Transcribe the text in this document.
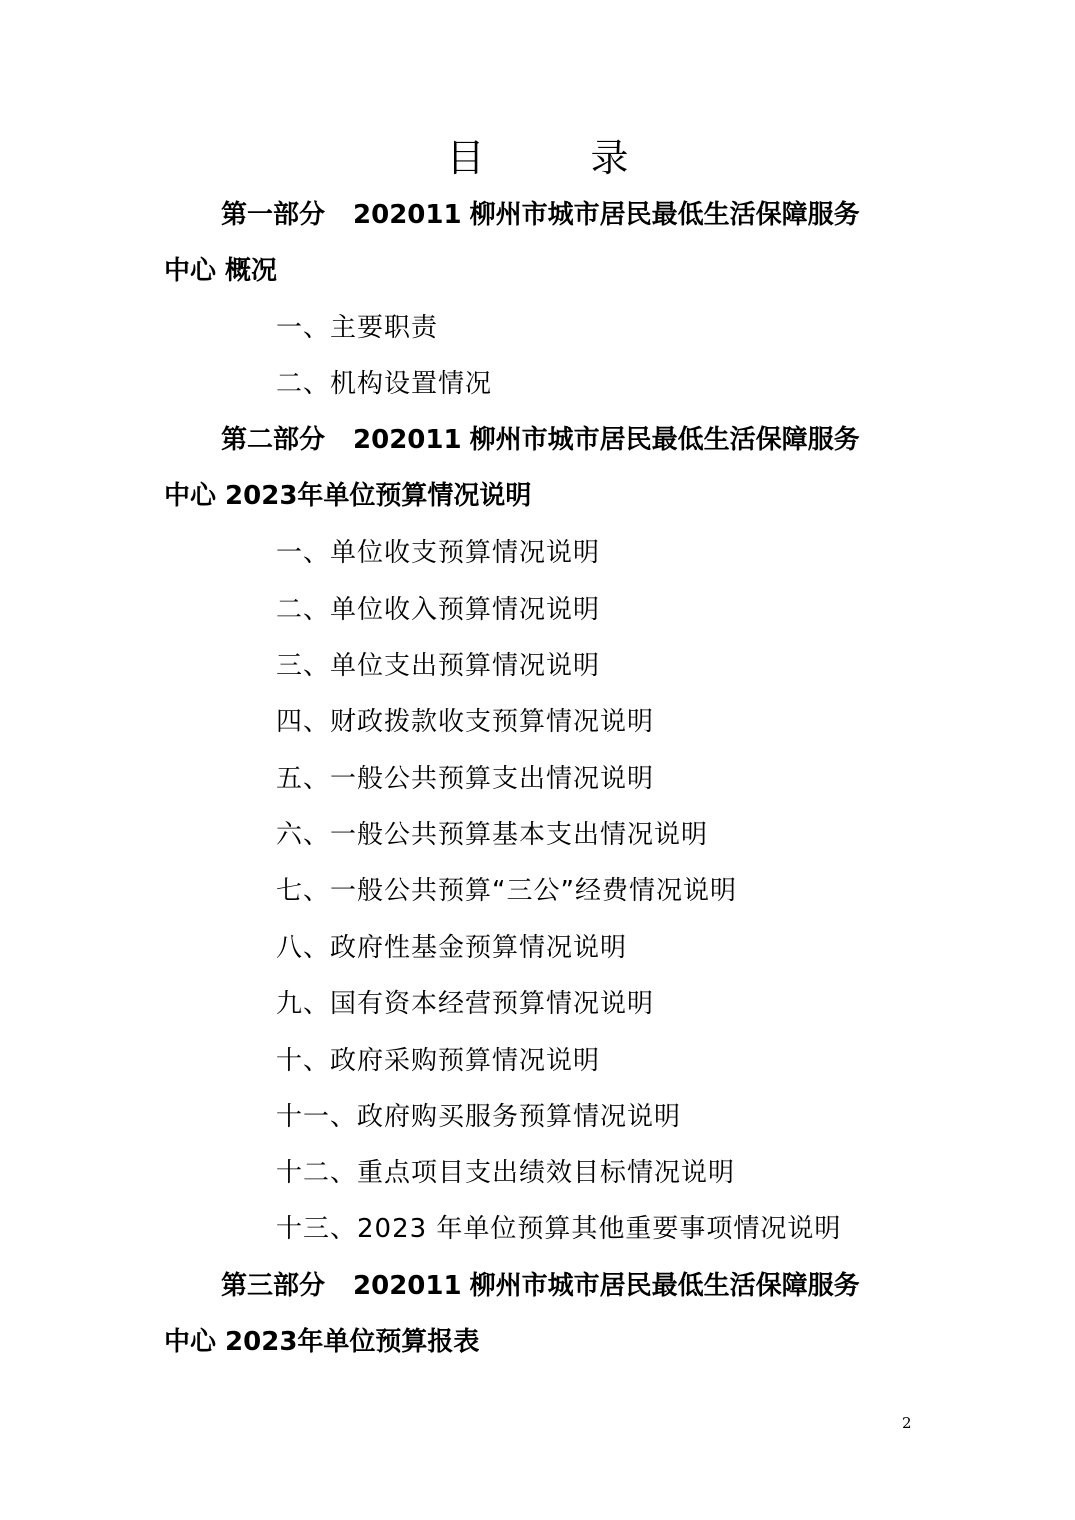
目　录
第一部分 202011 柳州市城市居民最低生活保障服务
中心 概况
一、主要职责
二、机构设置情况
第二部分 202011 柳州市城市居民最低生活保障服务
中心 2023年单位预算情况说明
一、单位收支预算情况说明
二、单位收入预算情况说明
三、单位支出预算情况说明
四、财政拨款收支预算情况说明
五、一般公共预算支出情况说明
六、一般公共预算基本支出情况说明
七、一般公共预算“三公”经费情况说明
八、政府性基金预算情况说明
九、国有资本经营预算情况说明
十、政府采购预算情况说明
十一、政府购买服务预算情况说明
十二、重点项目支出绩效目标情况说明
十三、2023 年单位预算其他重要事项情况说明
第三部分 202011 柳州市城市居民最低生活保障服务
中心 2023年单位预算报表
2
